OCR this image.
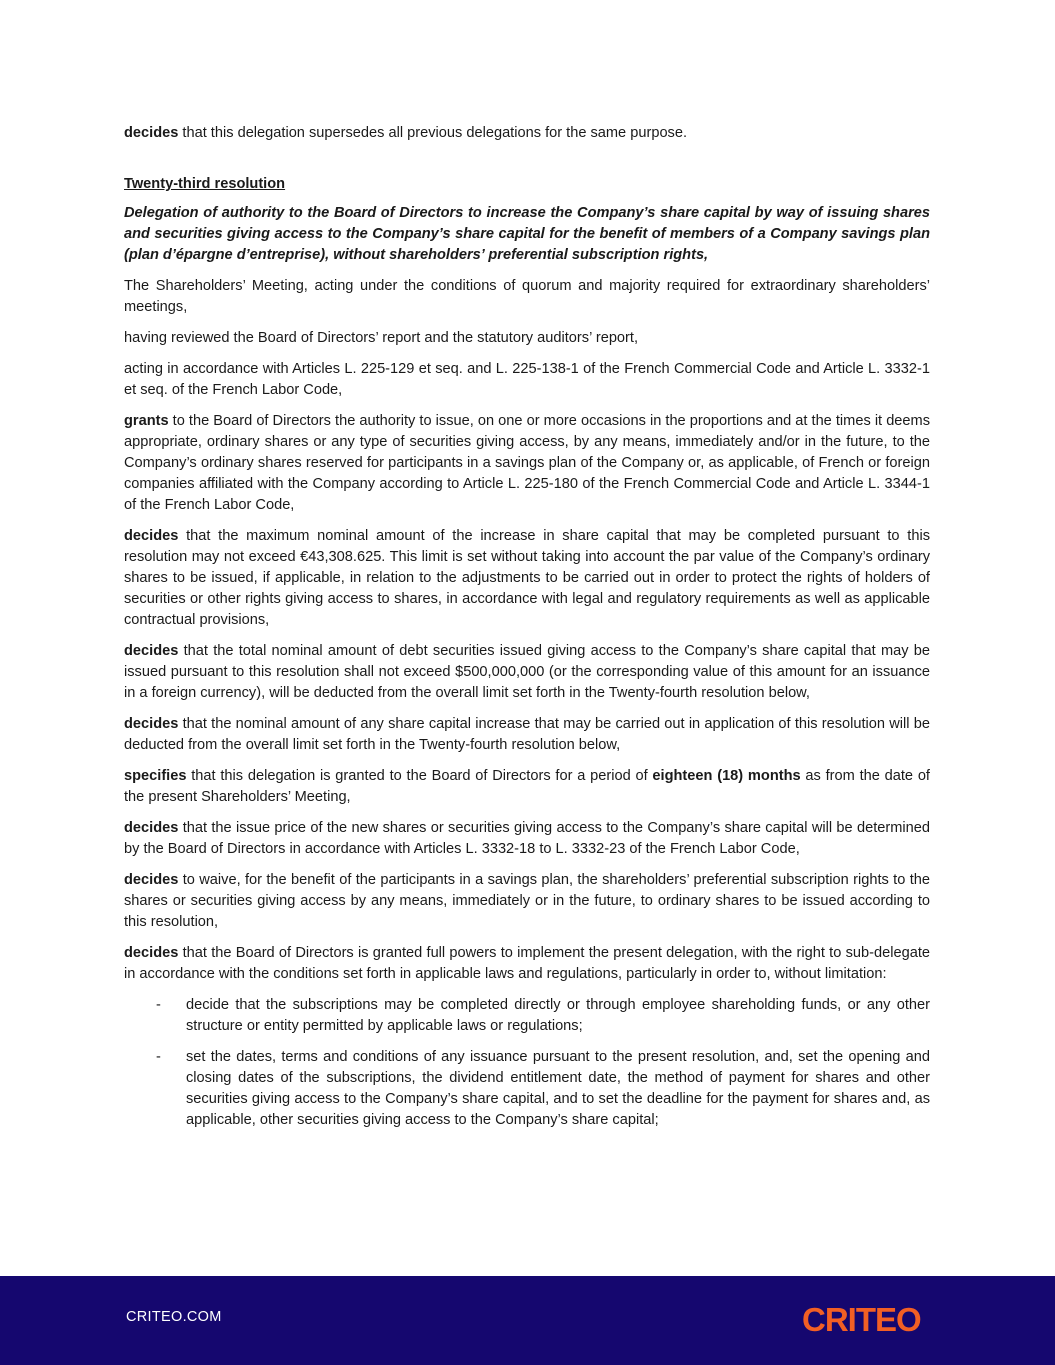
decides that this delegation supersedes all previous delegations for the same purpose.

Twenty-third resolution

Delegation of authority to the Board of Directors to increase the Company’s share capital by way of issuing shares and securities giving access to the Company’s share capital for the benefit of members of a Company savings plan (plan d’épargne d’entreprise), without shareholders’ preferential subscription rights,

The Shareholders’ Meeting, acting under the conditions of quorum and majority required for extraordinary shareholders’ meetings,

having reviewed the Board of Directors’ report and the statutory auditors’ report,

acting in accordance with Articles L. 225-129 et seq. and L. 225-138-1 of the French Commercial Code and Article L. 3332-1 et seq. of the French Labor Code,

grants to the Board of Directors the authority to issue, on one or more occasions in the proportions and at the times it deems appropriate, ordinary shares or any type of securities giving access, by any means, immediately and/or in the future, to the Company’s ordinary shares reserved for participants in a savings plan of the Company or, as applicable, of French or foreign companies affiliated with the Company according to Article L. 225-180 of the French Commercial Code and Article L. 3344-1 of the French Labor Code,

decides that the maximum nominal amount of the increase in share capital that may be completed pursuant to this resolution may not exceed €43,308.625. This limit is set without taking into account the par value of the Company’s ordinary shares to be issued, if applicable, in relation to the adjustments to be carried out in order to protect the rights of holders of securities or other rights giving access to shares, in accordance with legal and regulatory requirements as well as applicable contractual provisions,

decides that the total nominal amount of debt securities issued giving access to the Company’s share capital that may be issued pursuant to this resolution shall not exceed $500,000,000 (or the corresponding value of this amount for an issuance in a foreign currency), will be deducted from the overall limit set forth in the Twenty-fourth resolution below,

decides that the nominal amount of any share capital increase that may be carried out in application of this resolution will be deducted from the overall limit set forth in the Twenty-fourth resolution below,

specifies that this delegation is granted to the Board of Directors for a period of eighteen (18) months as from the date of the present Shareholders’ Meeting,

decides that the issue price of the new shares or securities giving access to the Company’s share capital will be determined by the Board of Directors in accordance with Articles L. 3332-18 to L. 3332-23 of the French Labor Code,

decides to waive, for the benefit of the participants in a savings plan, the shareholders’ preferential subscription rights to the shares or securities giving access by any means, immediately or in the future, to ordinary shares to be issued according to this resolution,

decides that the Board of Directors is granted full powers to implement the present delegation, with the right to sub-delegate in accordance with the conditions set forth in applicable laws and regulations, particularly in order to, without limitation:

-	decide that the subscriptions may be completed directly or through employee shareholding funds, or any other structure or entity permitted by applicable laws or regulations;
-	set the dates, terms and conditions of any issuance pursuant to the present resolution, and, set the opening and closing dates of the subscriptions, the dividend entitlement date, the method of payment for shares and other securities giving access to the Company’s share capital, and to set the deadline for the payment for shares and, as applicable, other securities giving access to the Company’s share capital;
CRITEO.COM	CRITEO
